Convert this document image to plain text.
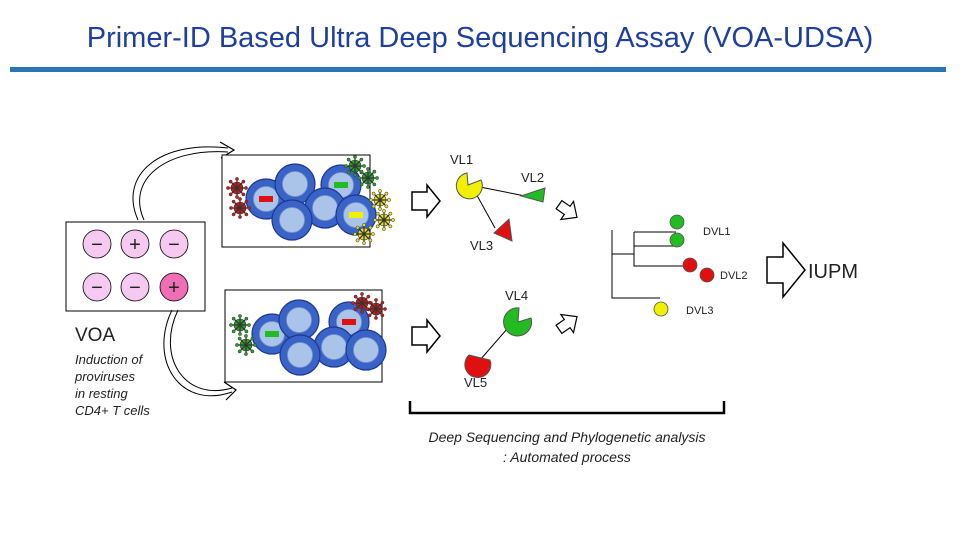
Primer-ID Based Ultra Deep Sequencing Assay (VOA-UDSA)
− + −
− − +
VOA
Induction of
proviruses
in resting
CD4+ T cells
VL1
VL2
VL3
VL4
VL5
DVL1
DVL2
DVL3
IUPM
Deep Sequencing and Phylogenetic analysis
: Automated process
